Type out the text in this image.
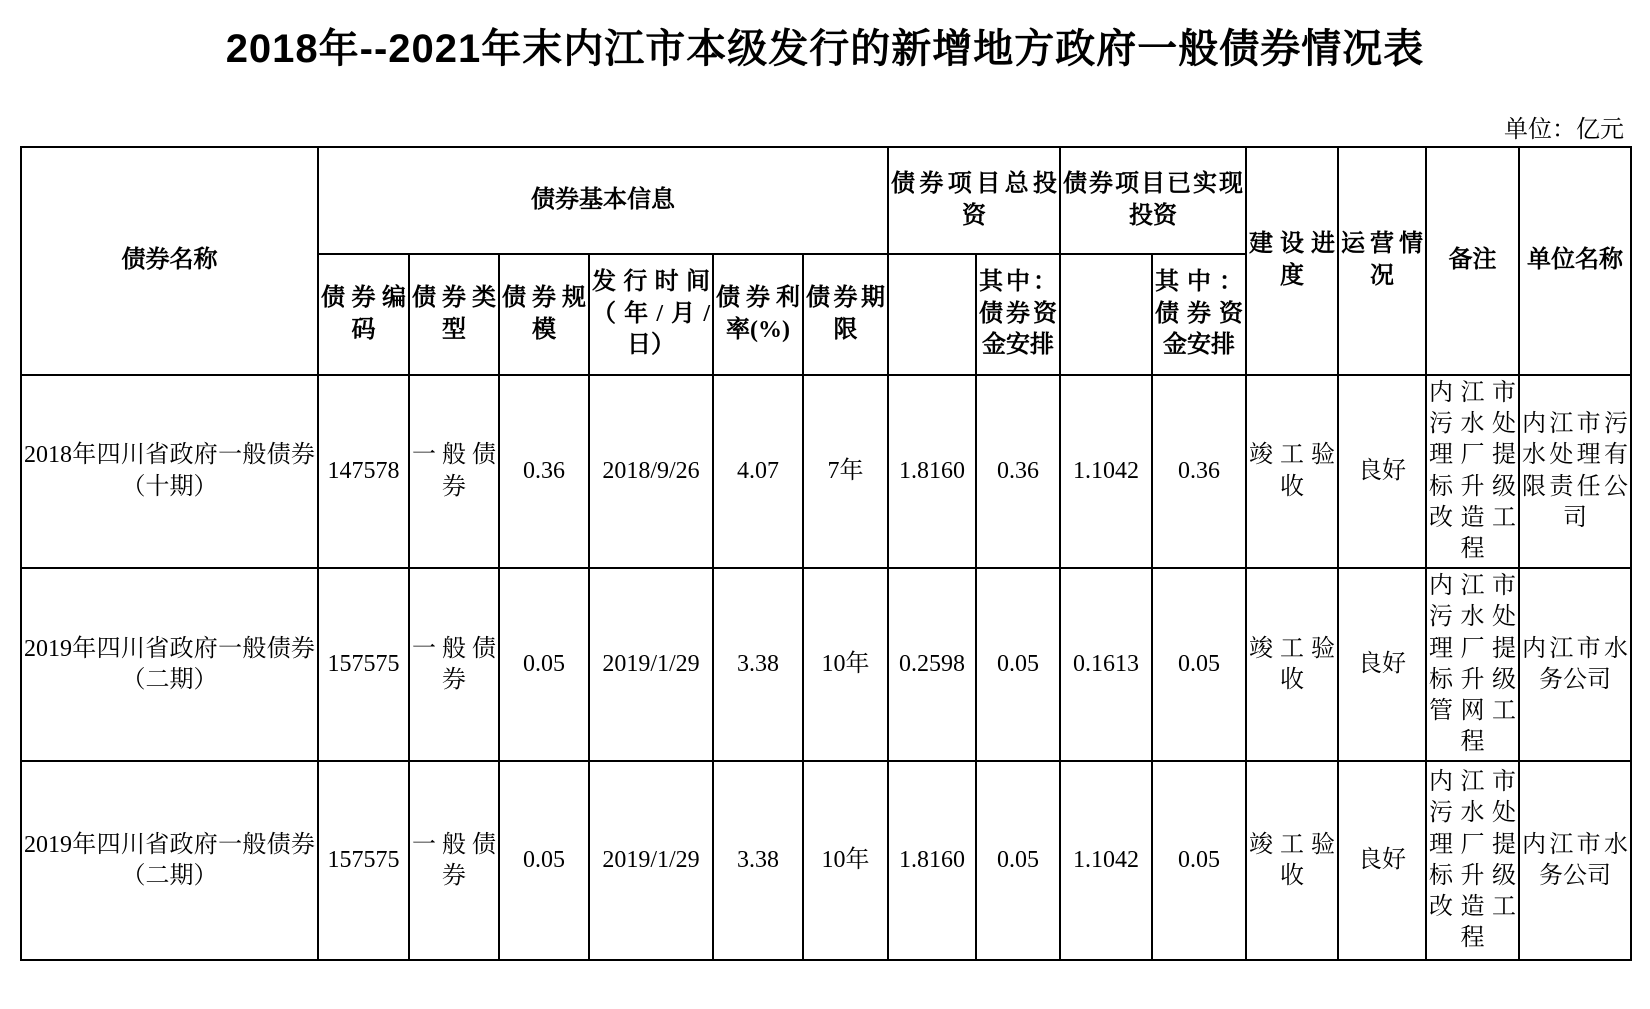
2018年--2021年末内江市本级发行的新增地方政府一般债券情况表
单位：亿元
债券名称	债券基本信息						债券项目总投资		债券项目已实现投资		建设进度	运营情况	备注	单位名称
	债券编码	债券类型	债券规模	发行时间（年/月/日）	债券利率(%)	债券期限		其中：债券资金安排		其中：债券资金安排				
2018年四川省政府一般债券（十期）	147578	一般债券	0.36	2018/9/26	4.07	7年	1.8160	0.36	1.1042	0.36	竣工验收	良好	内江市污水处理厂提标升级改造工程	内江市污水处理有限责任公司
2019年四川省政府一般债券（二期）	157575	一般债券	0.05	2019/1/29	3.38	10年	0.2598	0.05	0.1613	0.05	竣工验收	良好	内江市污水处理厂提标升级管网工程	内江市水务公司
2019年四川省政府一般债券（二期）	157575	一般债券	0.05	2019/1/29	3.38	10年	1.8160	0.05	1.1042	0.05	竣工验收	良好	内江市污水处理厂提标升级改造工程	内江市水务公司
